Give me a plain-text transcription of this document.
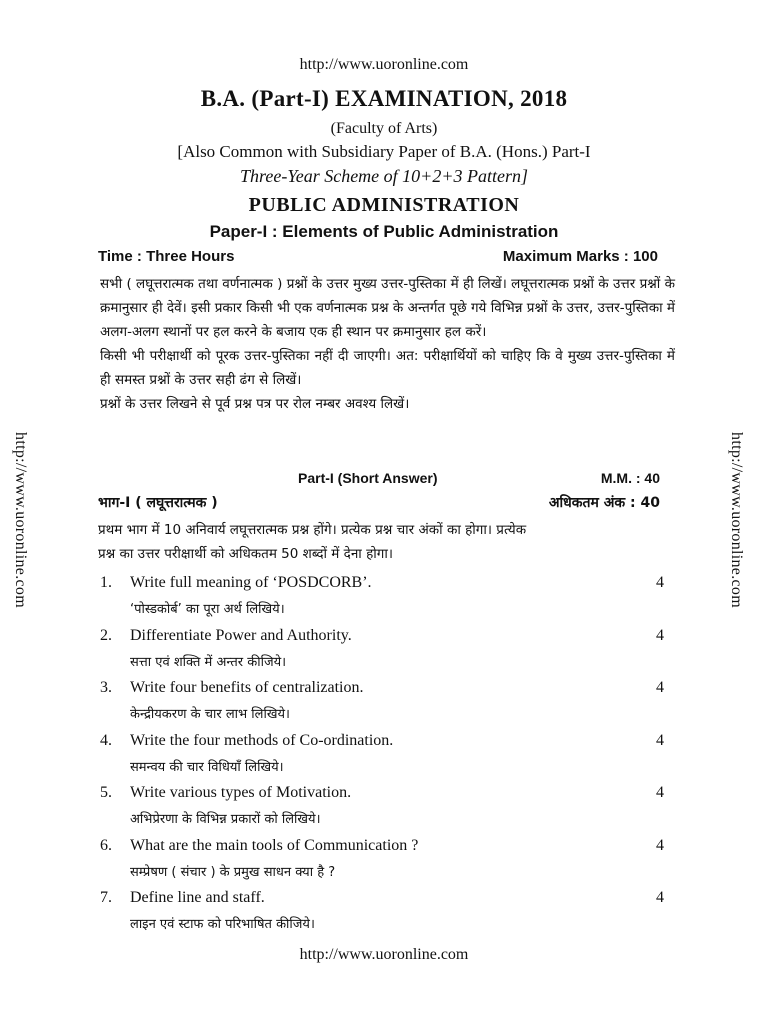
http://www.uoronline.com
http://www.uoronline.com	http://www.uoronline.com
B.A. (Part-I) EXAMINATION, 2018
(Faculty of Arts)
[Also Common with Subsidiary Paper of B.A. (Hons.) Part-I
Three-Year Scheme of 10+2+3 Pattern]
PUBLIC ADMINISTRATION
Paper-I : Elements of Public Administration
Time : Three Hours	Maximum Marks : 100

सभी ( लघूत्तरात्मक तथा वर्णनात्मक ) प्रश्नों के उत्तर मुख्य उत्तर-पुस्तिका में ही लिखें। लघूत्तरात्मक प्रश्नों के उत्तर प्रश्नों के क्रमानुसार ही देवें। इसी प्रकार किसी भी एक वर्णनात्मक प्रश्न के अन्तर्गत पूछे गये विभिन्न प्रश्नों के उत्तर, उत्तर-पुस्तिका में अलग-अलग स्थानों पर हल करने के बजाय एक ही स्थान पर क्रमानुसार हल करें।

किसी भी परीक्षार्थी को पूरक उत्तर-पुस्तिका नहीं दी जाएगी। अत: परीक्षार्थियों को चाहिए कि वे मुख्य उत्तर-पुस्तिका में ही समस्त प्रश्नों के उत्तर सही ढंग से लिखें।

प्रश्नों के उत्तर लिखने से पूर्व प्रश्न पत्र पर रोल नम्बर अवश्य लिखें।

Part-I (Short Answer)	M.M. : 40
भाग-I ( लघूत्तरात्मक )	अधिकतम अंक : 40

प्रथम भाग में 10 अनिवार्य लघूत्तरात्मक प्रश्न होंगे। प्रत्येक प्रश्न चार अंकों का होगा। प्रत्येक

प्रश्न का उत्तर परीक्षार्थी को अधिकतम 50 शब्दों में देना होगा।

1. Write full meaning of ‘POSDCORB’.
‘पोस्डकोर्ब’ का पूरा अर्थ लिखिये।
4
2. Differentiate Power and Authority.
सत्ता एवं शक्ति में अन्तर कीजिये।
4
3. Write four benefits of centralization.
केन्द्रीयकरण के चार लाभ लिखिये।
4
4. Write the four methods of Co-ordination.
समन्वय की चार विधियाँ लिखिये।
4
5. Write various types of Motivation.
अभिप्रेरणा के विभिन्न प्रकारों को लिखिये।
4
6. What are the main tools of Communication ?
सम्प्रेषण ( संचार ) के प्रमुख साधन क्या है ?
4
7. Define line and staff.
लाइन एवं स्टाफ को परिभाषित कीजिये।
4
http://www.uoronline.com
